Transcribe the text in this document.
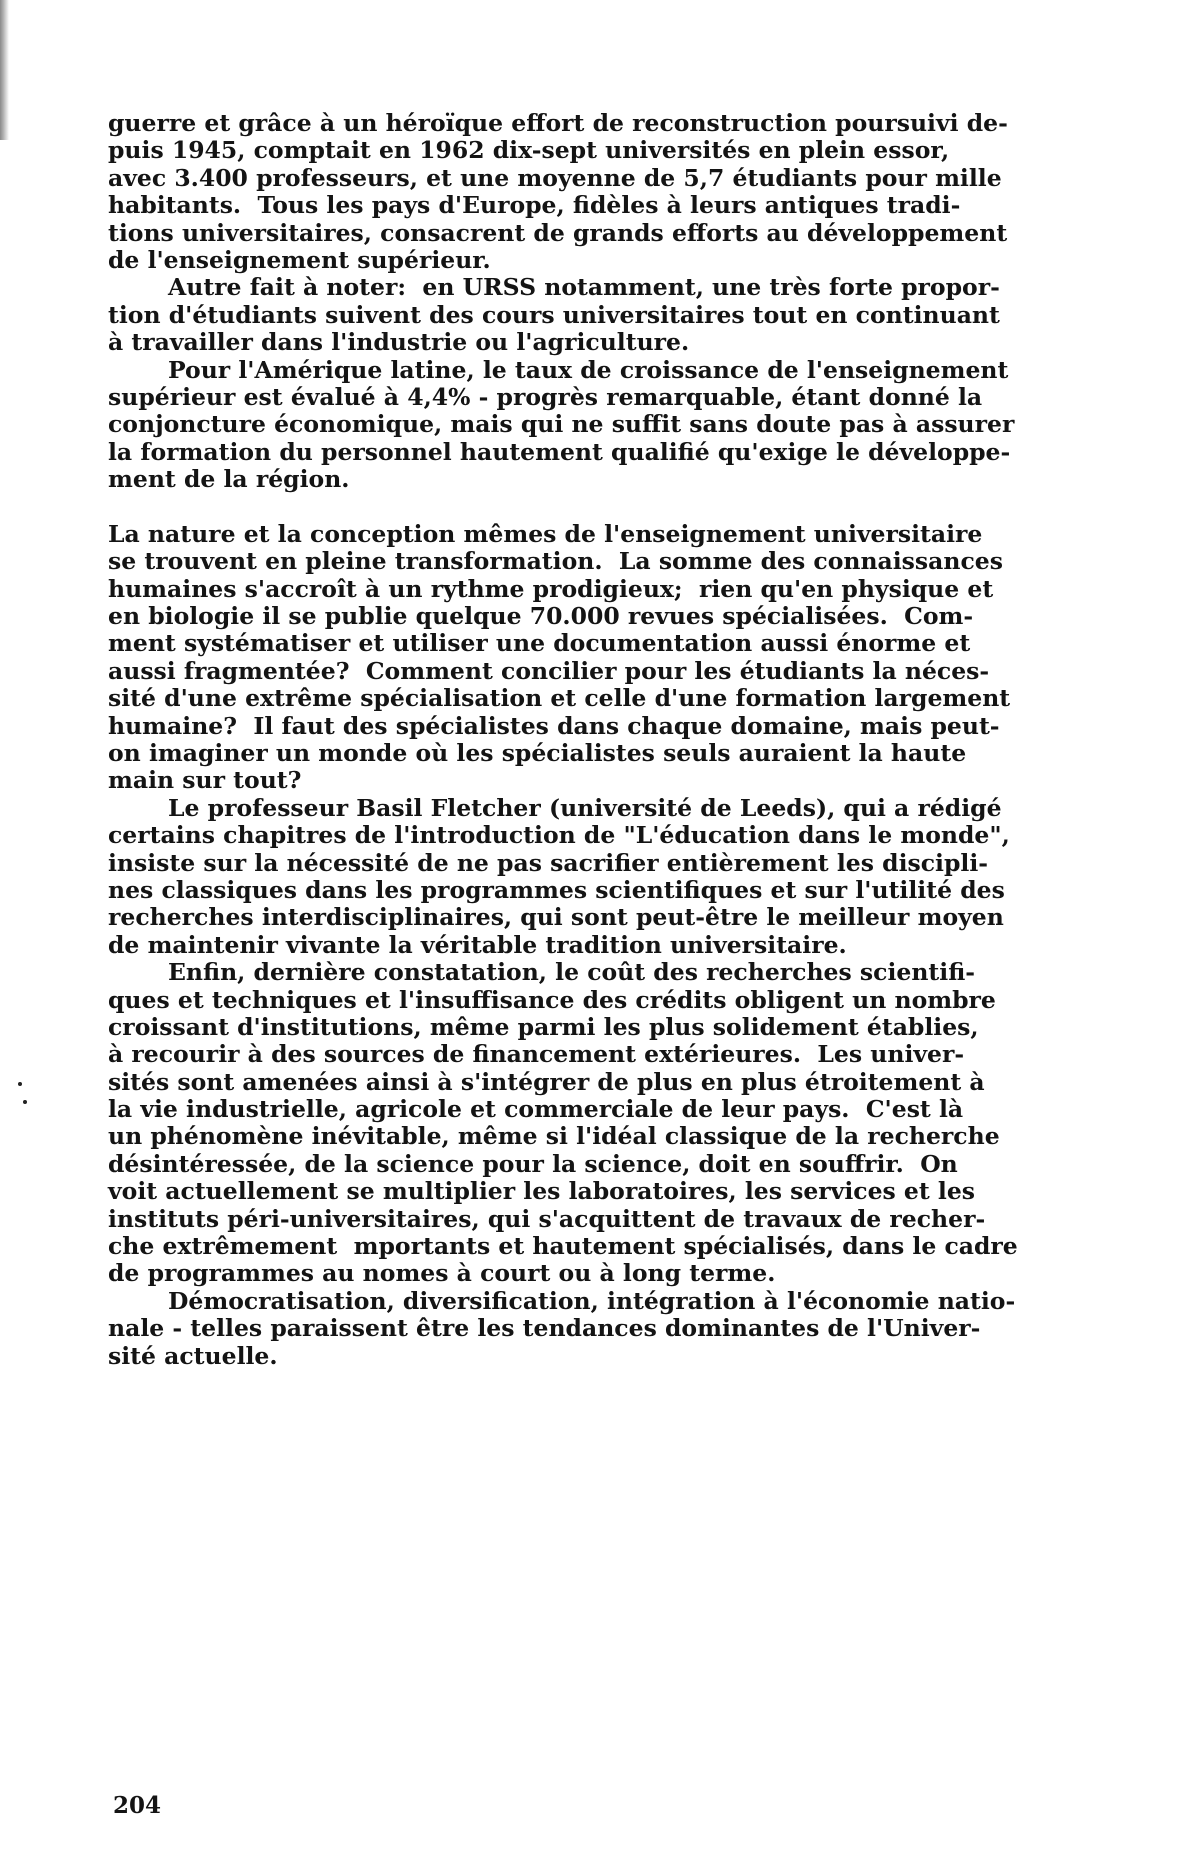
guerre et grâce à un héroïque effort de reconstruction poursuivi de-
puis 1945, comptait en 1962 dix-sept universités en plein essor,
avec 3.400 professeurs, et une moyenne de 5,7 étudiants pour mille
habitants.  Tous les pays d'Europe, fidèles à leurs antiques tradi-
tions universitaires, consacrent de grands efforts au développement
de l'enseignement supérieur.
Autre fait à noter:  en URSS notamment, une très forte propor-
tion d'étudiants suivent des cours universitaires tout en continuant
à travailler dans l'industrie ou l'agriculture.
Pour l'Amérique latine, le taux de croissance de l'enseignement
supérieur est évalué à 4,4% - progrès remarquable, étant donné la
conjoncture économique, mais qui ne suffit sans doute pas à assurer
la formation du personnel hautement qualifié qu'exige le développe-
ment de la région.
La nature et la conception mêmes de l'enseignement universitaire
se trouvent en pleine transformation.  La somme des connaissances
humaines s'accroît à un rythme prodigieux;  rien qu'en physique et
en biologie il se publie quelque 70.000 revues spécialisées.  Com-
ment systématiser et utiliser une documentation aussi énorme et
aussi fragmentée?  Comment concilier pour les étudiants la néces-
sité d'une extrême spécialisation et celle d'une formation largement
humaine?  Il faut des spécialistes dans chaque domaine, mais peut-
on imaginer un monde où les spécialistes seuls auraient la haute
main sur tout?
Le professeur Basil Fletcher (université de Leeds), qui a rédigé
certains chapitres de l'introduction de "L'éducation dans le monde",
insiste sur la nécessité de ne pas sacrifier entièrement les discipli-
nes classiques dans les programmes scientifiques et sur l'utilité des
recherches interdisciplinaires, qui sont peut-être le meilleur moyen
de maintenir vivante la véritable tradition universitaire.
Enfin, dernière constatation, le coût des recherches scientifi-
ques et techniques et l'insuffisance des crédits obligent un nombre
croissant d'institutions, même parmi les plus solidement établies,
à recourir à des sources de financement extérieures.  Les univer-
sités sont amenées ainsi à s'intégrer de plus en plus étroitement à
la vie industrielle, agricole et commerciale de leur pays.  C'est là
un phénomène inévitable, même si l'idéal classique de la recherche
désintéressée, de la science pour la science, doit en souffrir.  On
voit actuellement se multiplier les laboratoires, les services et les
instituts péri-universitaires, qui s'acquittent de travaux de recher-
che extrêmement  mportants et hautement spécialisés, dans le cadre
de programmes au nomes à court ou à long terme.
Démocratisation, diversification, intégration à l'économie natio-
nale - telles paraissent être les tendances dominantes de l'Univer-
sité actuelle.
204
